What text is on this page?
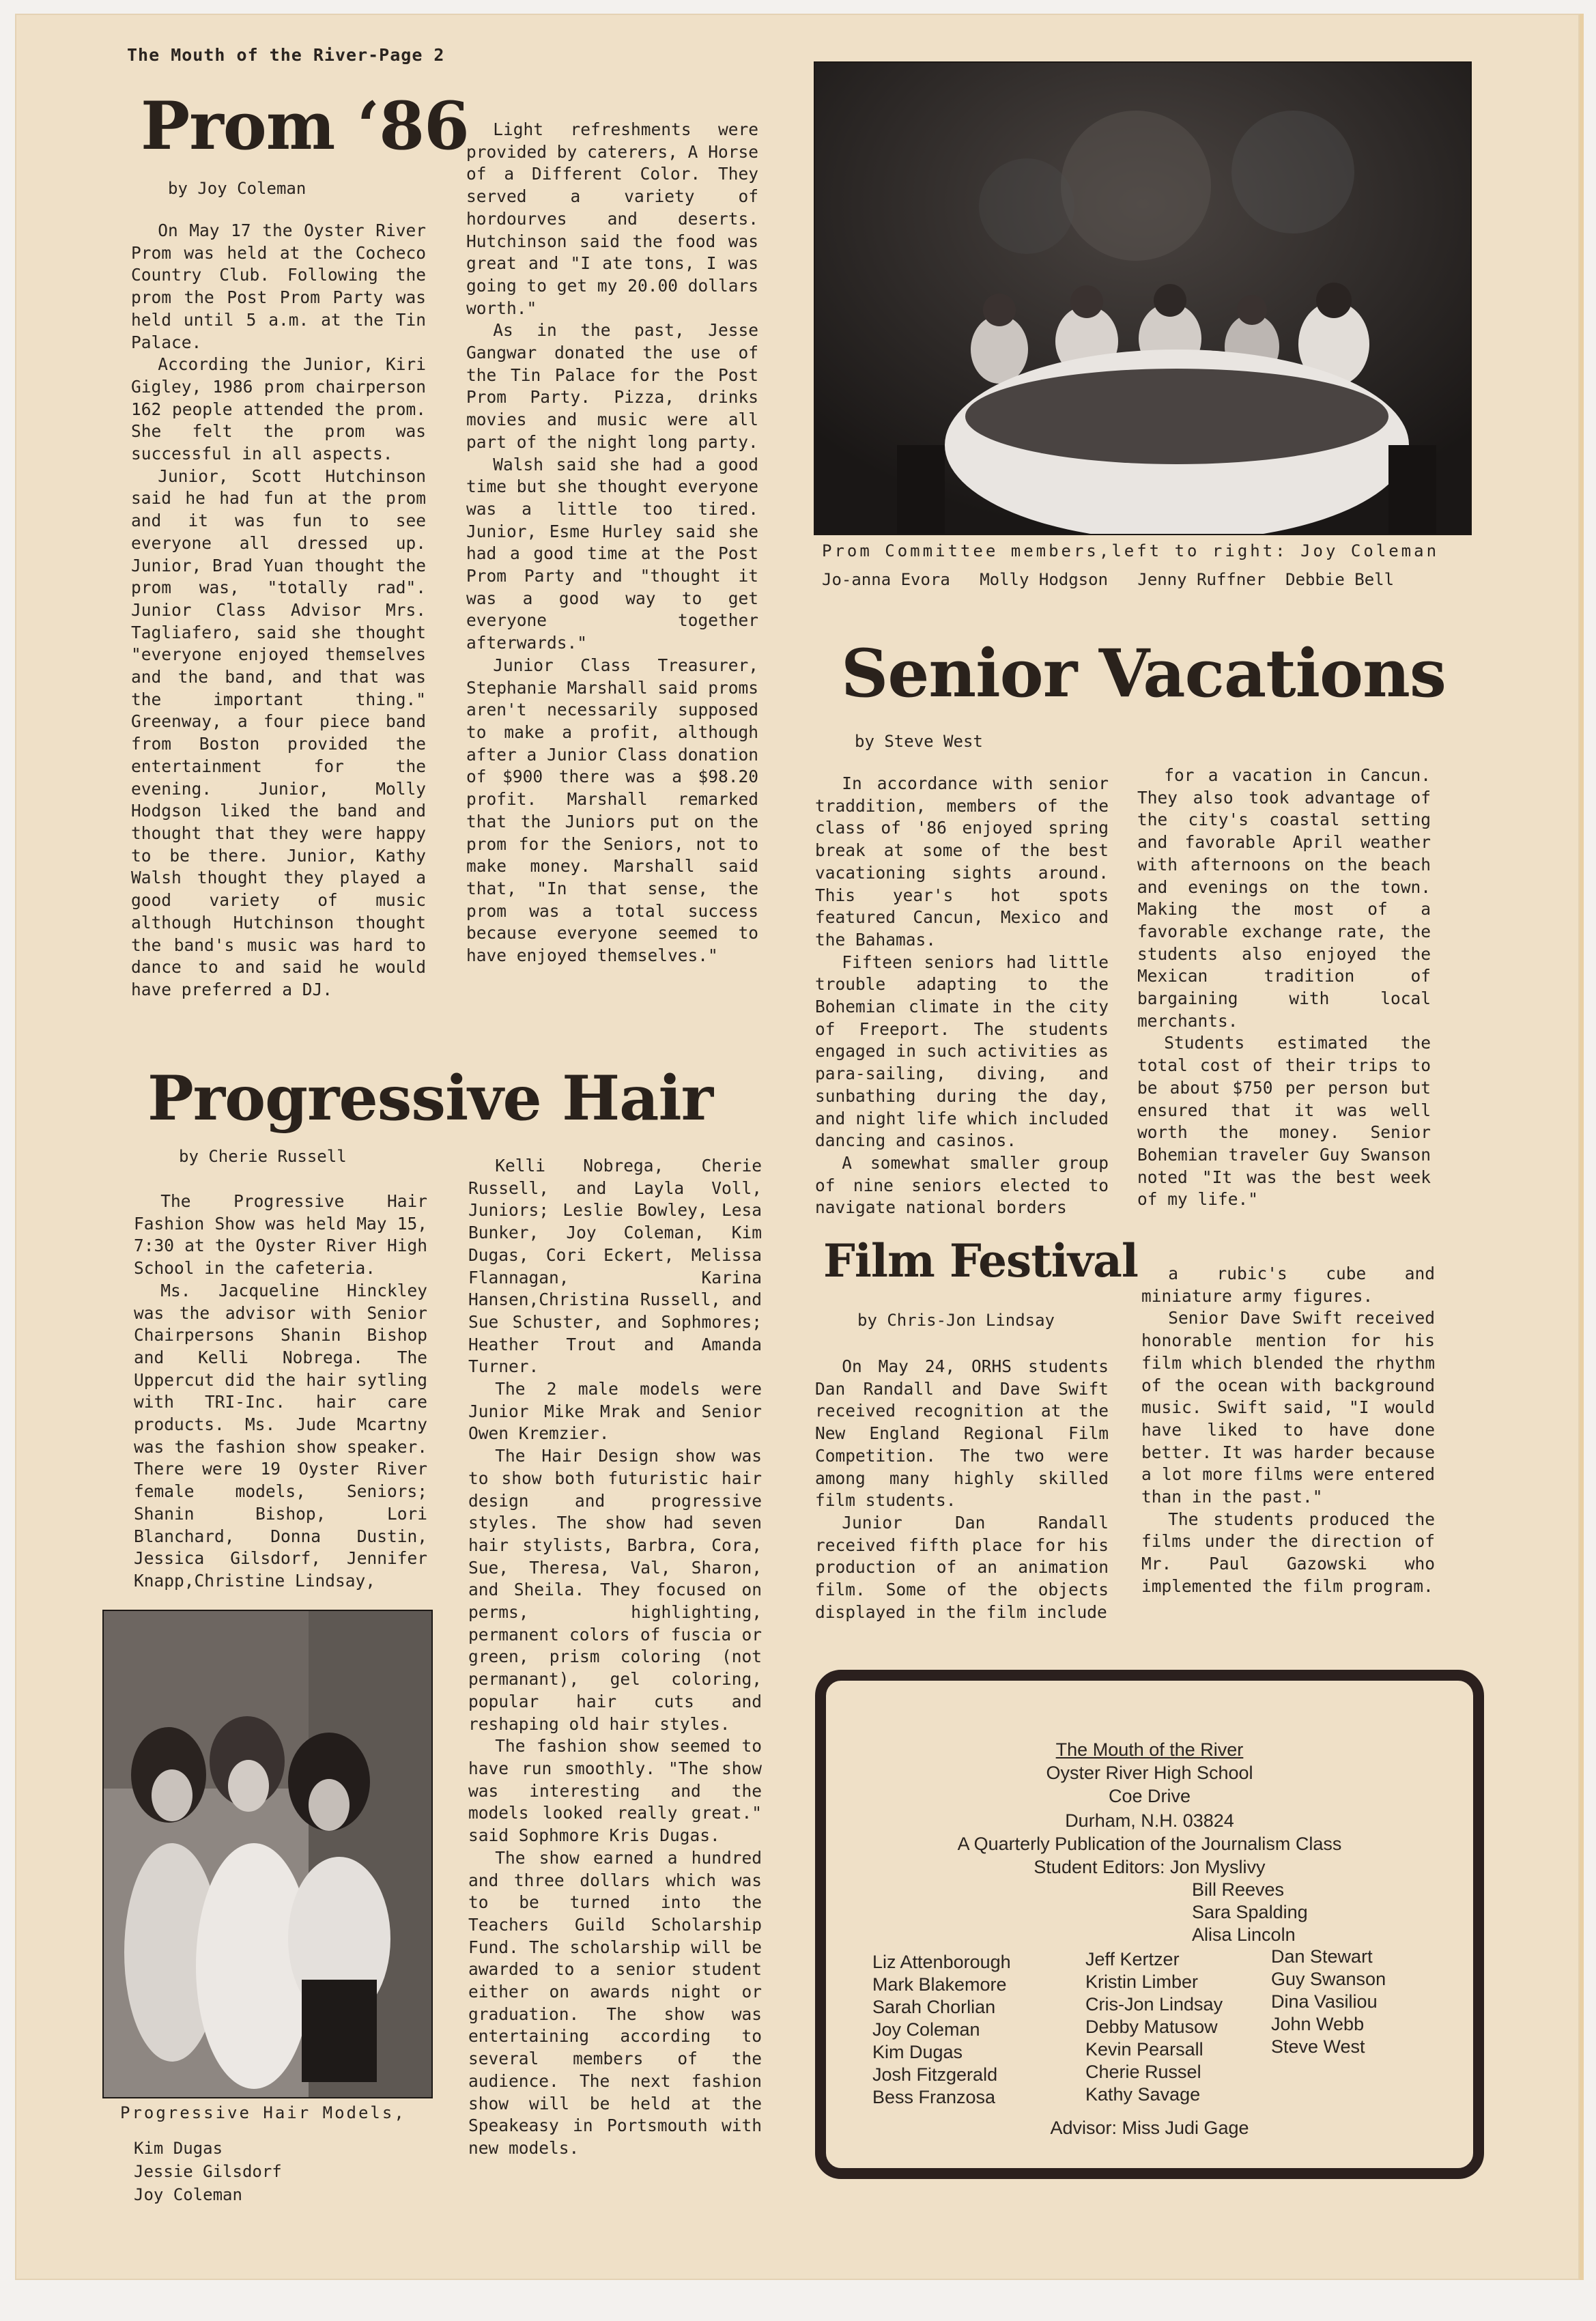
The Mouth of the River-Page 2
Prom ‘86
by Joy Coleman

On May 17 the Oyster River Prom was held at the Cocheco Country Club. Following the prom the Post Prom Party was held until 5 a.m. at the Tin Palace.

According the Junior, Kiri Gigley, 1986 prom chairperson 162 people attended the prom. She felt the prom was successful in all aspects.

Junior, Scott Hutchinson said he had fun at the prom and it was fun to see everyone all dressed up. Junior, Brad Yuan thought the prom was, "totally rad". Junior Class Advisor Mrs. Tagliafero, said she thought "everyone enjoyed themselves and the band, and that was the important thing." Greenway, a four piece band from Boston provided the entertainment for the evening. Junior, Molly Hodgson liked the band and thought that they were happy to be there. Junior, Kathy Walsh thought they played a good variety of music although Hutchinson thought the band's music was hard to dance to and said he would have preferred a DJ.

Light refreshments were provided by caterers, A Horse of a Different Color. They served a variety of hordourves and deserts. Hutchinson said the food was great and "I ate tons, I was going to get my 20.00 dollars worth."

As in the past, Jesse Gangwar donated the use of the Tin Palace for the Post Prom Party. Pizza, drinks movies and music were all part of the night long party.

Walsh said she had a good time but she thought everyone was a little too tired. Junior, Esme Hurley said she had a good time at the Post Prom Party and "thought it was a good way to get everyone together afterwards."

Junior Class Treasurer, Stephanie Marshall said proms aren't necessarily supposed to make a profit, although after a Junior Class donation of $900 there was a $98.20 profit. Marshall remarked that the Juniors put on the prom for the Seniors, not to make money. Marshall said that, "In that sense, the prom was a total success because everyone seemed to have enjoyed themselves."

Prom Committee members,left to right: Joy Coleman
Jo-anna Evora   Molly Hodgson   Jenny Ruffner  Debbie Bell
Senior Vacations
by Steve West

In accordance with senior traddition, members of the class of '86 enjoyed spring break at some of the best vacationing sights around. This year's hot spots featured Cancun, Mexico and the Bahamas.

Fifteen seniors had little trouble adapting to the Bohemian climate in the city of Freeport. The students engaged in such activities as para-sailing, diving, and sunbathing during the day, and night life which included dancing and casinos.

A somewhat smaller group of nine seniors elected to navigate national borders

for a vacation in Cancun. They also took advantage of the city's coastal setting and favorable April weather with afternoons on the beach and evenings on the town. Making the most of a favorable exchange rate, the students also enjoyed the Mexican tradition of bargaining with local merchants.

Students estimated the total cost of their trips to be about $750 per person but ensured that it was well worth the money. Senior Bohemian traveler Guy Swanson noted "It was the best week of my life."

Film Festival
by Chris-Jon Lindsay

On May 24, ORHS students Dan Randall and Dave Swift received recognition at the New England Regional Film Competition. The two were among many highly skilled film students.

Junior Dan Randall received fifth place for his production of an animation film. Some of the objects displayed in the film include

a rubic's cube and miniature army figures.

Senior Dave Swift received honorable mention for his film which blended the rhythm of the ocean with background music. Swift said, "I would have liked to have done better. It was harder because a lot more films were entered than in the past."

The students produced the films under the direction of Mr. Paul Gazowski who implemented the film program.

Progressive Hair
by Cherie Russell

The Progressive Hair Fashion Show was held May 15, 7:30 at the Oyster River High School in the cafeteria.

Ms. Jacqueline Hinckley was the advisor with Senior Chairpersons Shanin Bishop and Kelli Nobrega. The Uppercut did the hair sytling with TRI-Inc. hair care products. Ms. Jude Mcartny was the fashion show speaker. There were 19 Oyster River female models, Seniors; Shanin Bishop, Lori Blanchard, Donna Dustin, Jessica Gilsdorf, Jennifer Knapp,Christine Lindsay,

Kelli Nobrega, Cherie Russell, and Layla Voll, Juniors; Leslie Bowley, Lesa Bunker, Joy Coleman, Kim Dugas, Cori Eckert, Melissa Flannagan, Karina Hansen,Christina Russell, and Sue Schuster, and Sophmores; Heather Trout and Amanda Turner.

The 2 male models were Junior Mike Mrak and Senior Owen Kremzier.

The Hair Design show was to show both futuristic hair design and progressive styles. The show had seven hair stylists, Barbra, Cora, Sue, Theresa, Val, Sharon, and Sheila. They focused on perms, highlighting, permanent colors of fuscia or green, prism coloring (not permanant), gel coloring, popular hair cuts and reshaping old hair styles.

The fashion show seemed to have run smoothly. "The show was interesting and the models looked really great." said Sophmore Kris Dugas.

The show earned a hundred and three dollars which was to be turned into the Teachers Guild Scholarship Fund. The scholarship will be awarded to a senior student either on awards night or graduation. The show was entertaining according to several members of the audience. The next fashion show will be held at the Speakeasy in Portsmouth with new models.

Progressive Hair Models,
Kim Dugas
Jessie Gilsdorf
Joy Coleman
The Mouth of the River
Oyster River High School
Coe Drive
Durham, N.H. 03824
A Quarterly Publication of the Journalism Class
Student Editors: Jon Myslivy
Bill Reeves
Sara Spalding
Alisa Lincoln
Liz Attenborough
Mark Blakemore
Sarah Chorlian
Joy Coleman
Kim Dugas
Josh Fitzgerald
Bess Franzosa
Jeff Kertzer
Kristin Limber
Cris-Jon Lindsay
Debby Matusow
Kevin Pearsall
Cherie Russel
Kathy Savage
Dan Stewart
Guy Swanson
Dina Vasiliou
John Webb
Steve West
Advisor: Miss Judi Gage
